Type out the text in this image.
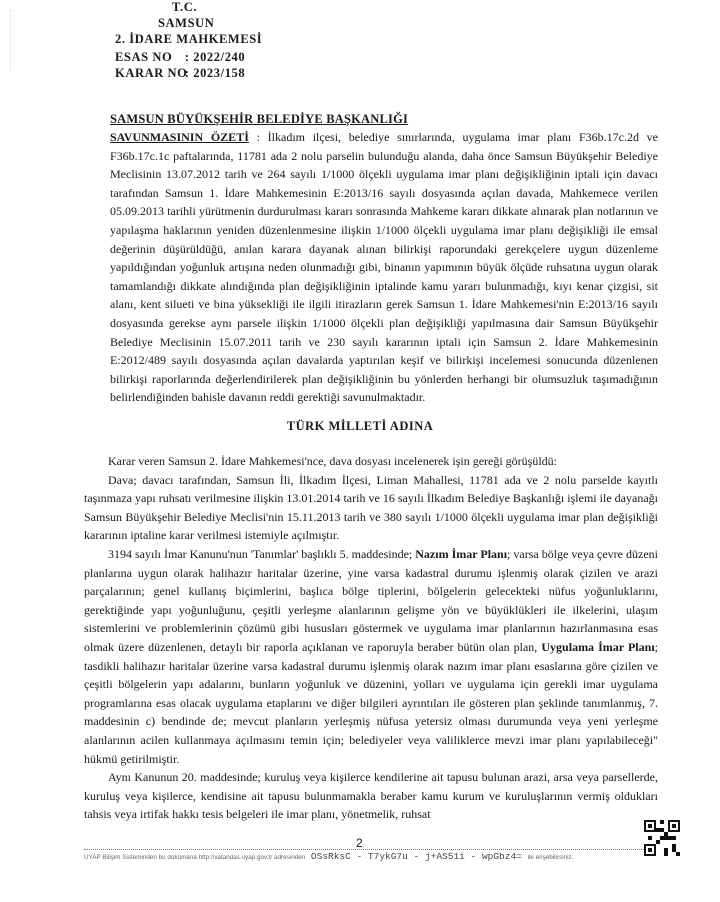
T.C.
SAMSUN
2. İDARE MAHKEMESİ
ESAS NO : 2022/240
KARAR NO : 2023/158
SAMSUN BÜYÜKŞEHİR BELEDİYE BAŞKANLIĞI

SAVUNMASININ ÖZETİ : İlkadım ilçesi, belediye sınırlarında, uygulama imar planı F36b.17c.2d ve F36b.17c.1c paftalarında, 11781 ada 2 nolu parselin bulunduğu alanda, daha önce Samsun Büyükşehir Belediye Meclisinin 13.07.2012 tarih ve 264 sayılı 1/1000 ölçekli uygulama imar planı değişikliğinin iptali için davacı tarafından Samsun 1. İdare Mahkemesinin E:2013/16 sayılı dosyasında açılan davada, Mahkemece verilen 05.09.2013 tarihli yürütmenin durdurulması kararı sonrasında Mahkeme kararı dikkate alınarak plan notlarının ve yapılaşma haklarının yeniden düzenlenmesine ilişkin 1/1000 ölçekli uygulama imar planı değişikliği ile emsal değerinin düşürüldüğü, anılan karara dayanak alınan bilirkişi raporundaki gerekçelere uygun düzenleme yapıldığından yoğunluk artışına neden olunmadığı gibi, binanın yapımının büyük ölçüde ruhsatına uygun olarak tamamlandığı dikkate alındığında plan değişikliğinin iptalinde kamu yararı bulunmadığı, kıyı kenar çizgisi, sit alanı, kent silueti ve bina yüksekliği ile ilgili itirazların gerek Samsun 1. İdare Mahkemesi'nin E:2013/16 sayılı dosyasında gerekse aynı parsele ilişkin 1/1000 ölçekli plan değişikliği yapılmasına dair Samsun Büyükşehir Belediye Meclisinin 15.07.2011 tarih ve 230 sayılı kararının iptali için Samsun 2. İdare Mahkemesinin E:2012/489 sayılı dosyasında açılan davalarda yaptırılan keşif ve bilirkişi incelemesi sonucunda düzenlenen bilirkişi raporlarında değerlendirilerek plan değişikliğinin bu yönlerden herhangi bir olumsuzluk taşımadığının belirlendiğinden bahisle davanın reddi gerektiği savunulmaktadır.

TÜRK MİLLETİ ADINA

Karar veren Samsun 2. İdare Mahkemesi'nce, dava dosyası incelenerek işin gereği görüşüldü:

Dava; davacı tarafından, Samsun İli, İlkadım İlçesi, Liman Mahallesi, 11781 ada ve 2 nolu parselde kayıtlı taşınmaza yapı ruhsatı verilmesine ilişkin 13.01.2014 tarih ve 16 sayılı İlkadım Belediye Başkanlığı işlemi ile dayanağı Samsun Büyükşehir Belediye Meclisi'nin 15.11.2013 tarih ve 380 sayılı 1/1000 ölçekli uygulama imar plan değişikliği kararının iptaline karar verilmesi istemiyle açılmıştır.

3194 sayılı İmar Kanunu'nun 'Tanımlar' başlıklı 5. maddesinde; Nazım İmar Planı; varsa bölge veya çevre düzeni planlarına uygun olarak halihazır haritalar üzerine, yine varsa kadastral durumu işlenmiş olarak çizilen ve arazi parçalarının; genel kullanış biçimlerini, başlıca bölge tiplerini, bölgelerin gelecekteki nüfus yoğunluklarını, gerektiğinde yapı yoğunluğunu, çeşitli yerleşme alanlarının gelişme yön ve büyüklükleri ile ilkelerini, ulaşım sistemlerini ve problemlerinin çözümü gibi hususları göstermek ve uygulama imar planlarının hazırlanmasına esas olmak üzere düzenlenen, detaylı bir raporla açıklanan ve raporuyla beraber bütün olan plan, Uygulama İmar Planı; tasdikli halihazır haritalar üzerine varsa kadastral durumu işlenmiş olarak nazım imar planı esaslarına göre çizilen ve çeşitli bölgelerin yapı adalarını, bunların yoğunluk ve düzenini, yolları ve uygulama için gerekli imar uygulama programlarına esas olacak uygulama etaplarını ve diğer bilgileri ayrıntıları ile gösteren plan şeklinde tanımlanmış, 7. maddesinin c) bendinde de; mevcut planların yerleşmiş nüfusa yetersiz olması durumunda veya yeni yerleşme alanlarının acilen kullanmaya açılmasını temin için; belediyeler veya valiliklerce mevzi imar planı yapılabileceği" hükmü getirilmiştir.

Aynı Kanunun 20. maddesinde; kuruluş veya kişilerce kendilerine ait tapusu bulunan arazi, arsa veya parsellerde, kuruluş veya kişilerce, kendisine ait tapusu bulunmamakla beraber kamu kurum ve kuruluşlarının vermiş oldukları tahsis veya irtifak hakkı tesis belgeleri ile imar planı, yönetmelik, ruhsat

2
UYAP Bilişim Sisteminden bu dokümana http://vatandas.uyap.gov.tr adresinden OSsRksC - T7ykG7u - j+AS51i - wpGbz4= ile erişebilirsiniz.
